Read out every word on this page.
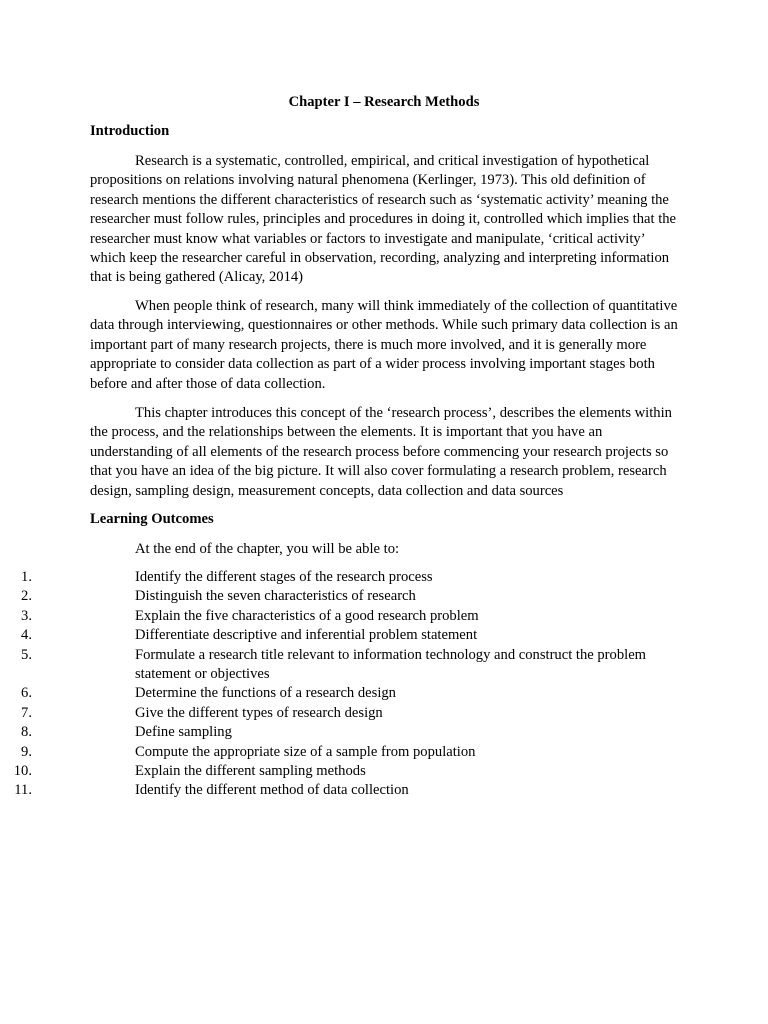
Chapter I – Research Methods
Introduction

Research is a systematic, controlled, empirical, and critical investigation of hypothetical propositions on relations involving natural phenomena (Kerlinger, 1973). This old definition of research mentions the different characteristics of research such as ‘systematic activity’ meaning the researcher must follow rules, principles and procedures in doing it, controlled which implies that the researcher must know what variables or factors to investigate and manipulate, ‘critical activity’ which keep the researcher careful in observation, recording, analyzing and interpreting information that is being gathered (Alicay, 2014)

When people think of research, many will think immediately of the collection of quantitative data through interviewing, questionnaires or other methods. While such primary data collection is an important part of many research projects, there is much more involved, and it is generally more appropriate to consider data collection as part of a wider process involving important stages both before and after those of data collection.

This chapter introduces this concept of the ‘research process’, describes the elements within the process, and the relationships between the elements. It is important that you have an understanding of all elements of the research process before commencing your research projects so that you have an idea of the big picture. It will also cover formulating a research problem, research design, sampling design, measurement concepts, data collection and data sources

Learning Outcomes
At the end of the chapter, you will be able to:
1.	Identify the different stages of the research process
2.	Distinguish the seven characteristics of research
3.	Explain the five characteristics of a good research problem
4.	Differentiate descriptive and inferential problem statement
5.	Formulate a research title relevant to information technology and construct the problem statement or objectives
6.	Determine the functions of a research design
7.	Give the different types of research design
8.	Define sampling
9.	Compute the appropriate size of a sample from population
10.	Explain the different sampling methods
11.	Identify the different method of data collection
